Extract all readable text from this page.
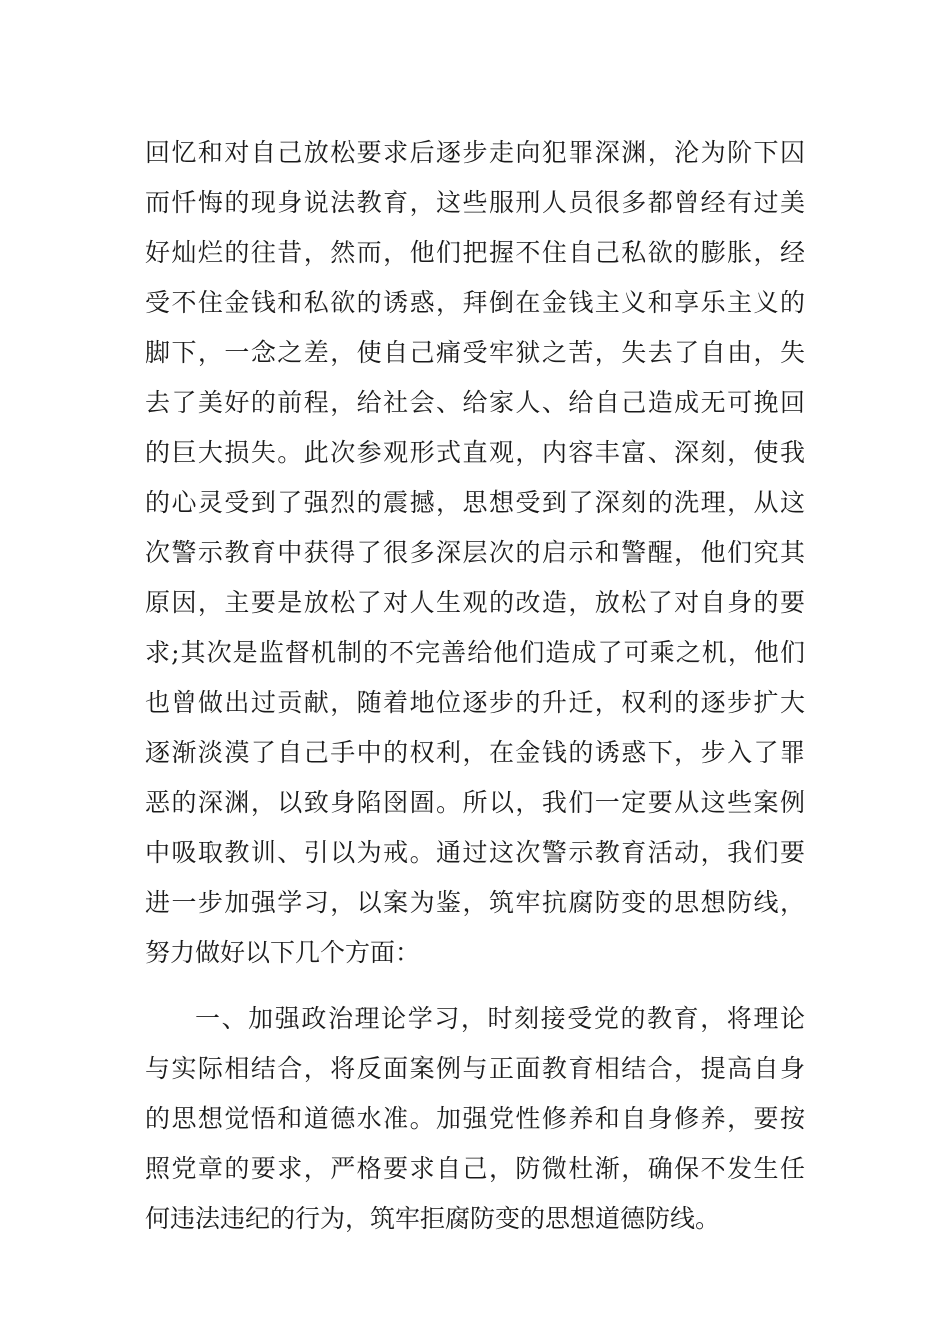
回忆和对自己放松要求后逐步走向犯罪深渊，沦为阶下囚
而忏悔的现身说法教育，这些服刑人员很多都曾经有过美
好灿烂的往昔，然而，他们把握不住自己私欲的膨胀，经
受不住金钱和私欲的诱惑，拜倒在金钱主义和享乐主义的
脚下，一念之差，使自己痛受牢狱之苦，失去了自由，失
去了美好的前程，给社会、给家人、给自己造成无可挽回
的巨大损失。此次参观形式直观，内容丰富、深刻，使我
的心灵受到了强烈的震撼，思想受到了深刻的洗理，从这
次警示教育中获得了很多深层次的启示和警醒，他们究其
原因，主要是放松了对人生观的改造，放松了对自身的要
求;其次是监督机制的不完善给他们造成了可乘之机，他们
也曾做出过贡献，随着地位逐步的升迁，权利的逐步扩大
逐渐淡漠了自己手中的权利，在金钱的诱惑下，步入了罪
恶的深渊，以致身陷囹圄。所以，我们一定要从这些案例
中吸取教训、引以为戒。通过这次警示教育活动，我们要
进一步加强学习，以案为鉴，筑牢抗腐防变的思想防线，
努力做好以下几个方面：
一、加强政治理论学习，时刻接受党的教育，将理论
与实际相结合，将反面案例与正面教育相结合，提高自身
的思想觉悟和道德水准。加强党性修养和自身修养，要按
照党章的要求，严格要求自己，防微杜渐，确保不发生任
何违法违纪的行为，筑牢拒腐防变的思想道德防线。
